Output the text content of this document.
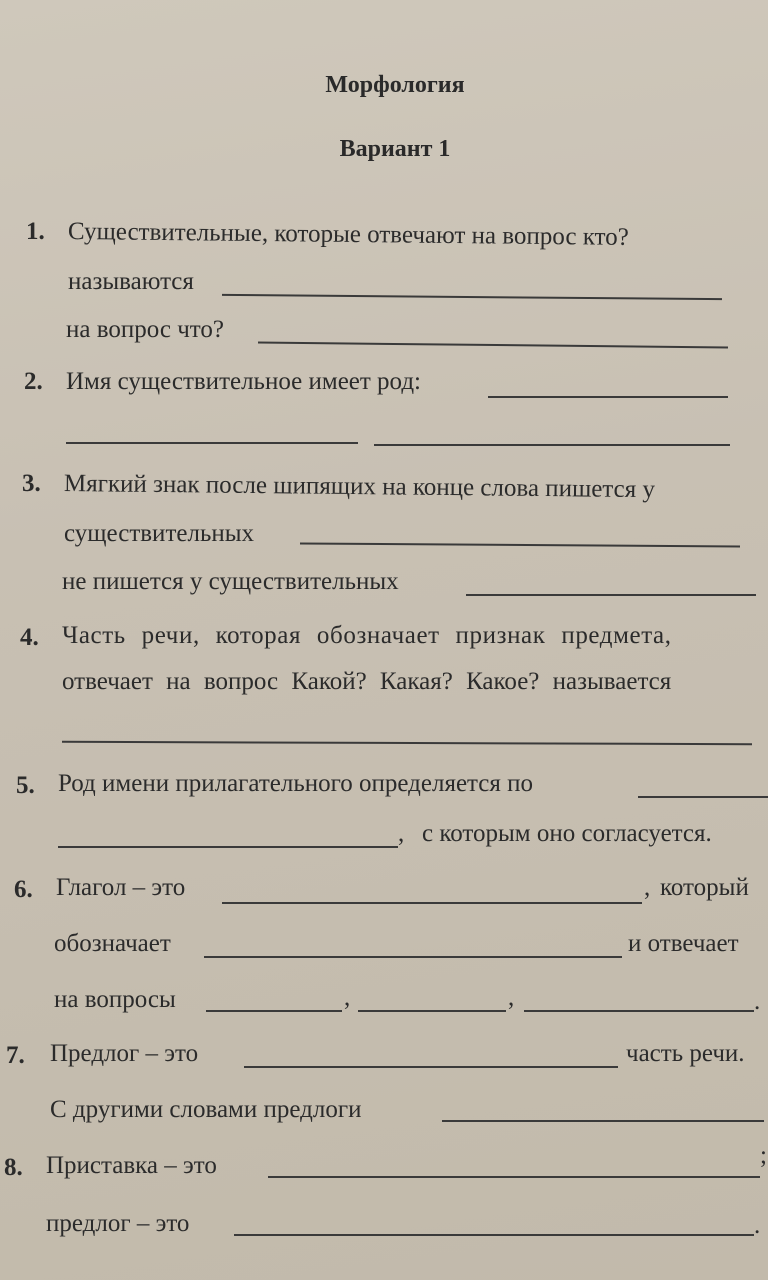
Морфология
Вариант 1
1. Существительные, которые отвечают на вопрос кто?
называются
на вопрос что?
2. Имя существительное имеет род:
3. Мягкий знак после шипящих на конце слова пишется у
существительных
не пишется у существительных
4. Часть речи, которая обозначает признак предмета,
отвечает на вопрос Какой? Какая? Какое? называется
5. Род имени прилагательного определяется по
, с которым оно согласуется.
6. Глагол – это	, который
обозначает	и отвечает
на вопросы	,	,	.
7. Предлог – это	часть речи.
С другими словами предлоги
8. Приставка – это	;
предлог – это	.
